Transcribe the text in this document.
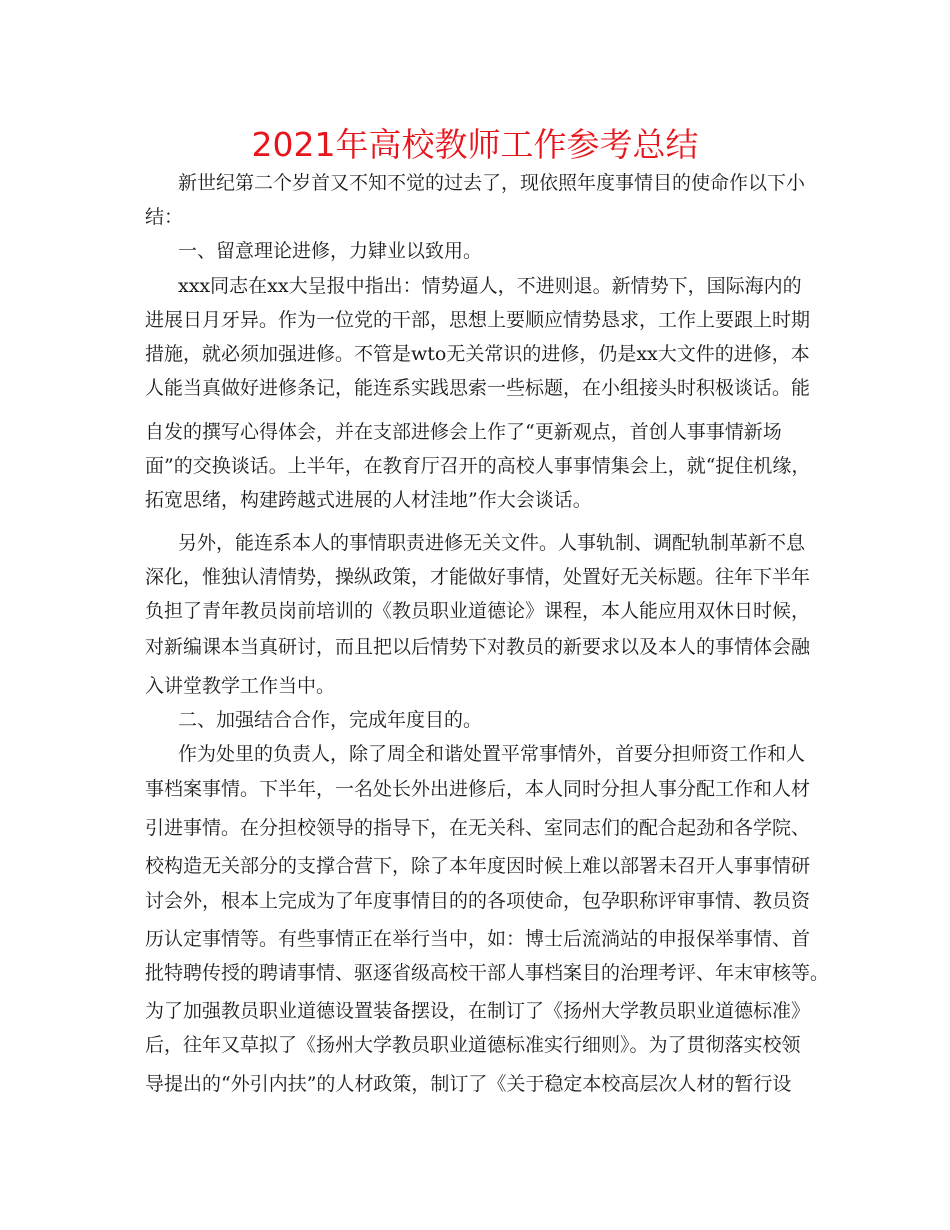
2021年高校教师工作参考总结
新世纪第二个岁首又不知不觉的过去了，现依照年度事情目的使命作以下小
结：
一、留意理论进修，力肄业以致用。
xxx同志在xx大呈报中指出：情势逼人，不进则退。新情势下，国际海内的
进展日月牙异。作为一位党的干部，思想上要顺应情势恳求，工作上要跟上时期
措施，就必须加强进修。不管是wto无关常识的进修，仍是xx大文件的进修，本
人能当真做好进修条记，能连系实践思索一些标题，在小组接头时积极谈话。能
自发的撰写心得体会，并在支部进修会上作了“更新观点，首创人事事情新场
面”的交换谈话。上半年，在教育厅召开的高校人事事情集会上，就“捉住机缘，
拓宽思绪，构建跨越式进展的人材洼地”作大会谈话。
另外，能连系本人的事情职责进修无关文件。人事轨制、调配轨制革新不息
深化，惟独认清情势，操纵政策，才能做好事情，处置好无关标题。往年下半年
负担了青年教员岗前培训的《教员职业道德论》课程，本人能应用双休日时候，
对新编课本当真研讨，而且把以后情势下对教员的新要求以及本人的事情体会融
入讲堂教学工作当中。
二、加强结合合作，完成年度目的。
作为处里的负责人，除了周全和谐处置平常事情外，首要分担师资工作和人
事档案事情。下半年，一名处长外出进修后，本人同时分担人事分配工作和人材
引进事情。在分担校领导的指导下，在无关科、室同志们的配合起劲和各学院、
校构造无关部分的支撑合营下，除了本年度因时候上难以部署未召开人事事情研
讨会外，根本上完成为了年度事情目的的各项使命，包孕职称评审事情、教员资
历认定事情等。有些事情正在举行当中，如：博士后流淌站的申报保举事情、首
批特聘传授的聘请事情、驱逐省级高校干部人事档案目的治理考评、年末审核等。
为了加强教员职业道德设置装备摆设，在制订了《扬州大学教员职业道德标准》
后，往年又草拟了《扬州大学教员职业道德标准实行细则》。为了贯彻落实校领
导提出的“外引内扶”的人材政策，制订了《关于稳定本校高层次人材的暂行设
